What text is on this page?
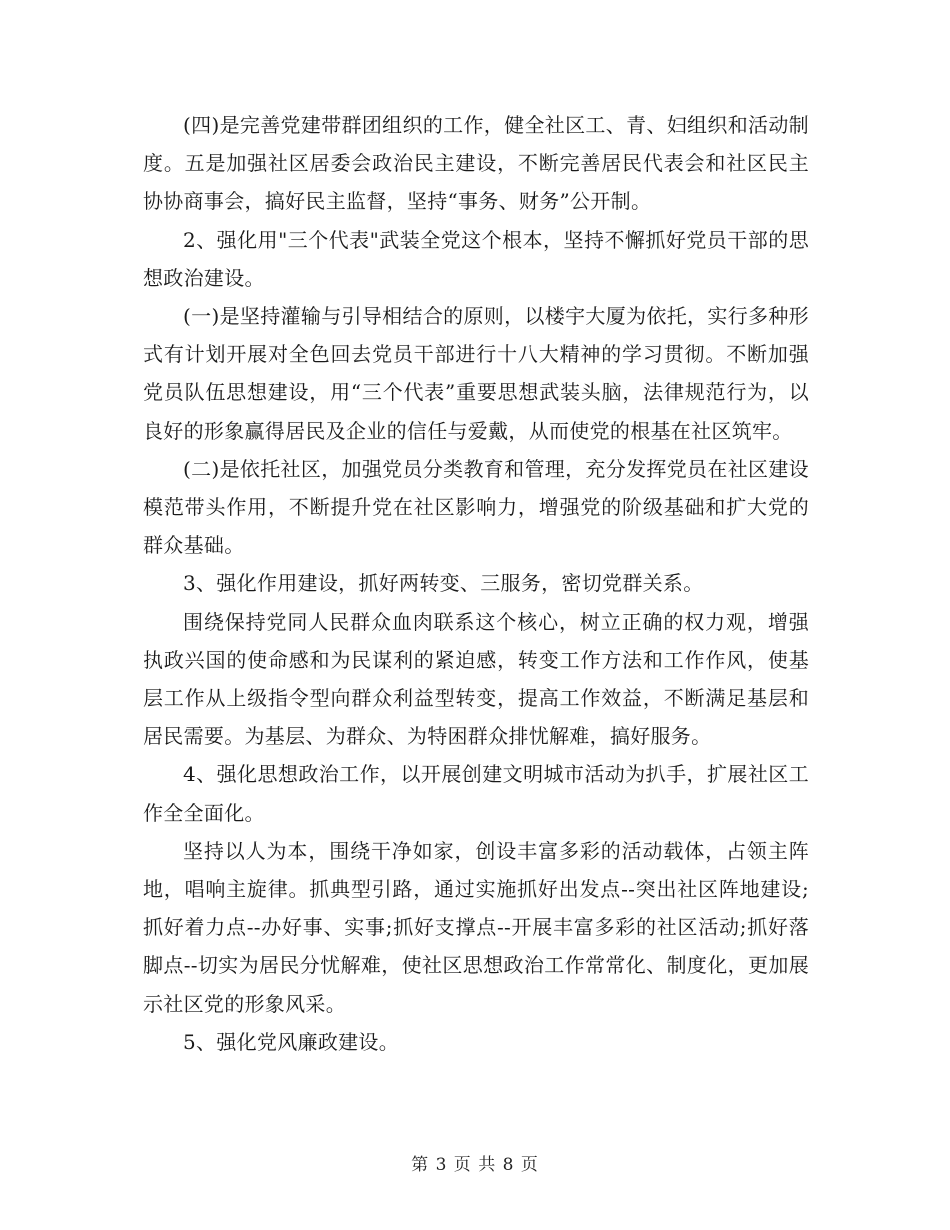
(四)是完善党建带群团组织的工作，健全社区工、青、妇组织和活动制度。五是加强社区居委会政治民主建设，不断完善居民代表会和社区民主协协商事会，搞好民主监督，坚持“事务、财务”公开制。

2、强化用"三个代表"武装全党这个根本，坚持不懈抓好党员干部的思想政治建设。

(一)是坚持灌输与引导相结合的原则，以楼宇大厦为依托，实行多种形式有计划开展对全色回去党员干部进行十八大精神的学习贯彻。不断加强党员队伍思想建设，用“三个代表”重要思想武装头脑，法律规范行为，以良好的形象赢得居民及企业的信任与爱戴，从而使党的根基在社区筑牢。

(二)是依托社区，加强党员分类教育和管理，充分发挥党员在社区建设模范带头作用，不断提升党在社区影响力，增强党的阶级基础和扩大党的群众基础。

3、强化作用建设，抓好两转变、三服务，密切党群关系。

围绕保持党同人民群众血肉联系这个核心，树立正确的权力观，增强执政兴国的使命感和为民谋利的紧迫感，转变工作方法和工作作风，使基层工作从上级指令型向群众利益型转变，提高工作效益，不断满足基层和居民需要。为基层、为群众、为特困群众排忧解难，搞好服务。

4、强化思想政治工作，以开展创建文明城市活动为扒手，扩展社区工作全全面化。

坚持以人为本，围绕干净如家，创设丰富多彩的活动载体，占领主阵地，唱响主旋律。抓典型引路，通过实施抓好出发点--突出社区阵地建设;抓好着力点--办好事、实事;抓好支撑点--开展丰富多彩的社区活动;抓好落脚点--切实为居民分忧解难，使社区思想政治工作常常化、制度化，更加展示社区党的形象风采。

5、强化党风廉政建设。

第 3 页 共 8 页
